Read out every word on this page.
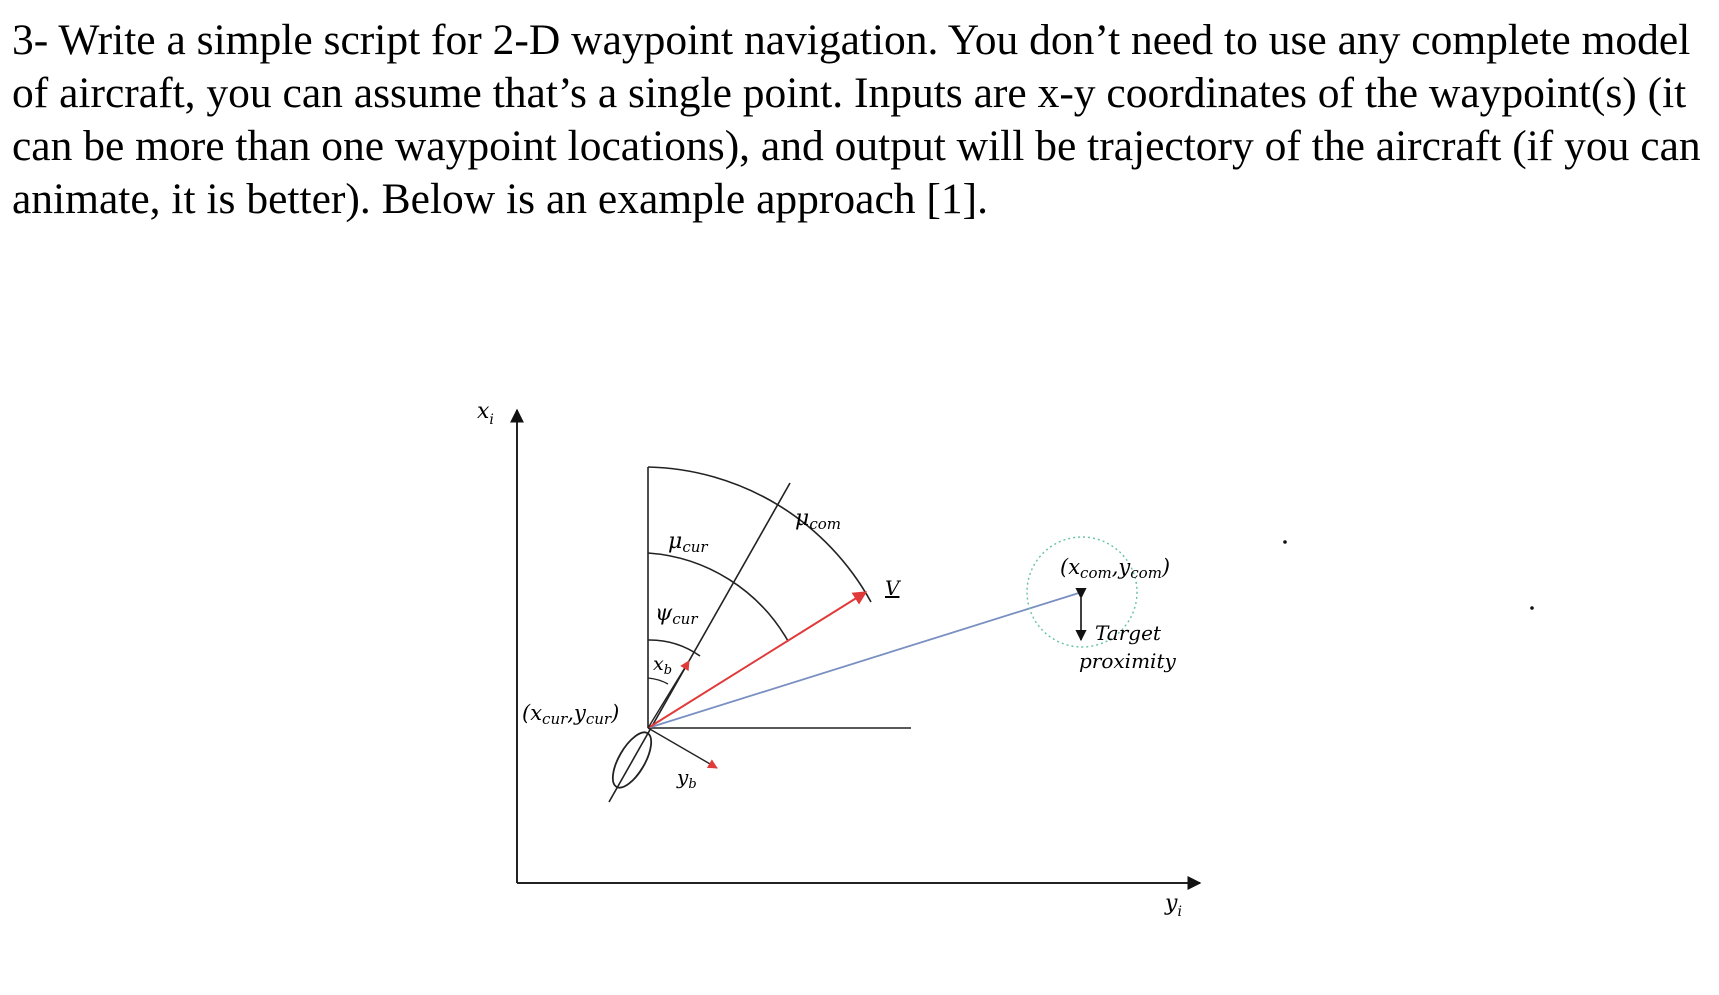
3- Write a simple script for 2-D waypoint navigation. You don’t need to use any complete model of aircraft, you can assume that’s a single point. Inputs are x-y coordinates of the waypoint(s) (it can be more than one waypoint locations), and output will be trajectory of the aircraft (if you can animate, it is better). Below is an example approach [1].

$x_i$
$y_i$
μcom
μcur
ψcur
$x_b$
$y_b$
V
(xcur,ycur)
(xcom,ycom)
Target
proximity
